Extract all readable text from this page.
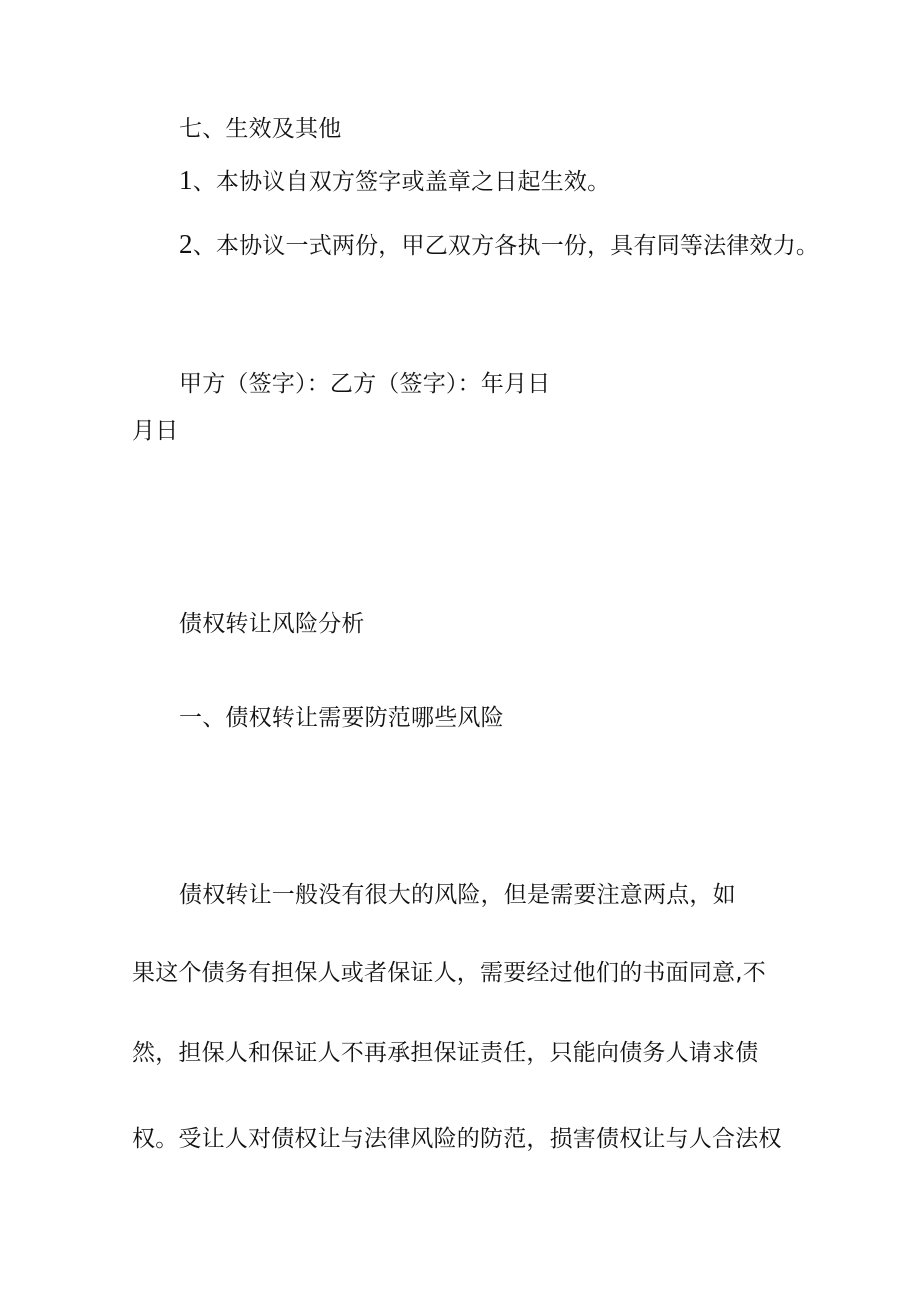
七、生效及其他
1、本协议自双方签字或盖章之日起生效。
2、本协议一式两份，甲乙双方各执一份，具有同等法律效力。
甲方（签字）：乙方（签字）：年月日
月日
债权转让风险分析
一、债权转让需要防范哪些风险
债权转让一般没有很大的风险，但是需要注意两点，如
果这个债务有担保人或者保证人，需要经过他们的书面同意,不
然，担保人和保证人不再承担保证责任，只能向债务人请求债
权。受让人对债权让与法律风险的防范，损害债权让与人合法权
